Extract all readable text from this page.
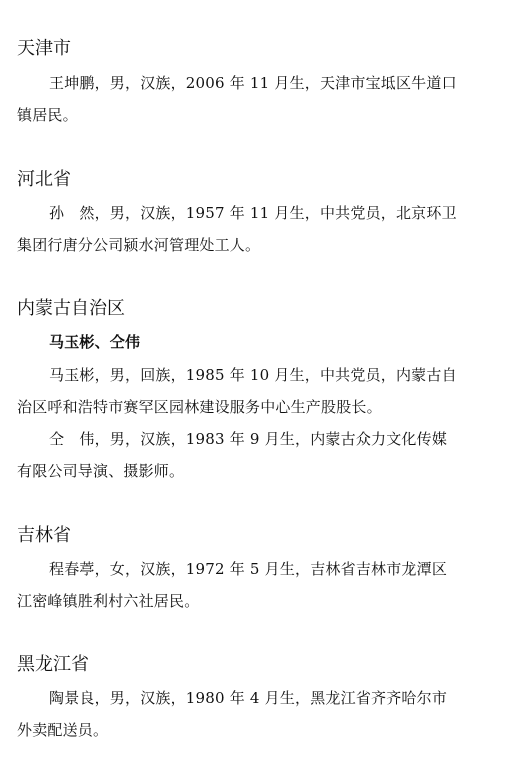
天津市
王坤鹏，男，汉族，2006 年 11 月生，天津市宝坻区牛道口
镇居民。
河北省
孙　然，男，汉族，1957 年 11 月生，中共党员，北京环卫
集团行唐分公司颍水河管理处工人。
内蒙古自治区
马玉彬、仝伟
马玉彬，男，回族，1985 年 10 月生，中共党员，内蒙古自
治区呼和浩特市赛罕区园林建设服务中心生产股股长。
仝　伟，男，汉族，1983 年 9 月生，内蒙古众力文化传媒
有限公司导演、摄影师。
吉林省
程春葶，女，汉族，1972 年 5 月生，吉林省吉林市龙潭区
江密峰镇胜利村六社居民。
黑龙江省
陶景良，男，汉族，1980 年 4 月生，黑龙江省齐齐哈尔市
外卖配送员。
